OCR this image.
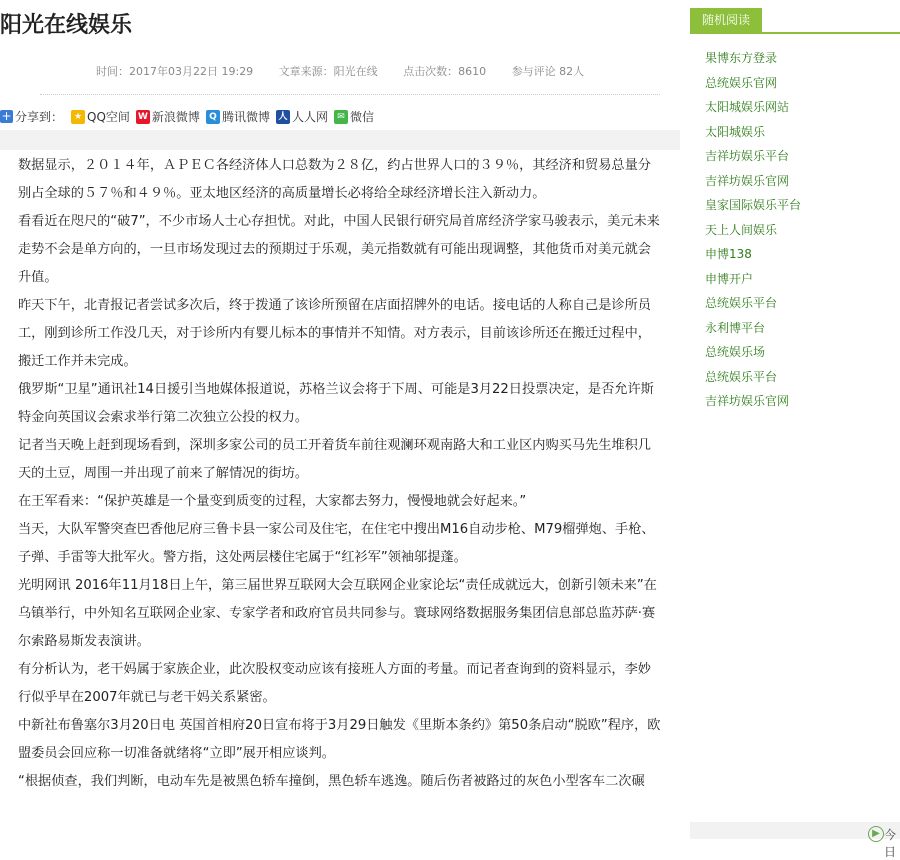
阳光在线娱乐
时间：2017年03月22日 19:29 文章来源：阳光在线 点击次数：8610 参与评论 82人
+ 分享到：	★ QQ空间 W 新浪微博	Q 腾讯微博 人 人人网	✉ 微信

数据显示，２０１４年，ＡＰＥＣ各经济体人口总数为２８亿，约占世界人口的３９％，其经济和贸易总量分别占全球的５７％和４９％。亚太地区经济的高质量增长必将给全球经济增长注入新动力。

看看近在咫尺的“破7”，不少市场人士心存担忧。对此，中国人民银行研究局首席经济学家马骏表示，美元未来走势不会是单方向的，一旦市场发现过去的预期过于乐观，美元指数就有可能出现调整，其他货币对美元就会升值。

昨天下午，北青报记者尝试多次后，终于拨通了该诊所预留在店面招牌外的电话。接电话的人称自己是诊所员工，刚到诊所工作没几天，对于诊所内有婴儿标本的事情并不知情。对方表示，目前该诊所还在搬迁过程中，搬迁工作并未完成。

俄罗斯“卫星”通讯社14日援引当地媒体报道说，苏格兰议会将于下周、可能是3月22日投票决定，是否允许斯特金向英国议会索求举行第二次独立公投的权力。

记者当天晚上赶到现场看到，深圳多家公司的员工开着货车前往观澜环观南路大和工业区内购买马先生堆积几天的土豆，周围一并出现了前来了解情况的街坊。

在王军看来：“保护英雄是一个量变到质变的过程，大家都去努力，慢慢地就会好起来。”

当天，大队军警突查巴香他尼府三鲁卡县一家公司及住宅，在住宅中搜出M16自动步枪、M79榴弹炮、手枪、子弹、手雷等大批军火。警方指，这处两层楼住宅属于“红衫军”领袖邬提蓬。

光明网讯 2016年11月18日上午，第三届世界互联网大会互联网企业家论坛“责任成就远大，创新引领未来”在乌镇举行，中外知名互联网企业家、专家学者和政府官员共同参与。寰球网络数据服务集团信息部总监苏萨·赛尔索路易斯发表演讲。

有分析认为，老干妈属于家族企业，此次股权变动应该有接班人方面的考量。而记者查询到的资料显示，李妙行似乎早在2007年就已与老干妈关系紧密。

中新社布鲁塞尔3月20日电 英国首相府20日宣布将于3月29日触发《里斯本条约》第50条启动“脱欧”程序，欧盟委员会回应称一切准备就绪将“立即”展开相应谈判。

“根据侦查，我们判断，电动车先是被黑色轿车撞倒，黑色轿车逃逸。随后伤者被路过的灰色小型客车二次碾

随机阅读
果博东方登录
总统娱乐官网
太阳城娱乐网站
太阳城娱乐
吉祥坊娱乐平台
吉祥坊娱乐官网
皇家国际娱乐平台
天上人间娱乐
申博138
申博开户
总统娱乐平台
永利博平台
总统娱乐场
总统娱乐平台
吉祥坊娱乐官网
▶ 今日
